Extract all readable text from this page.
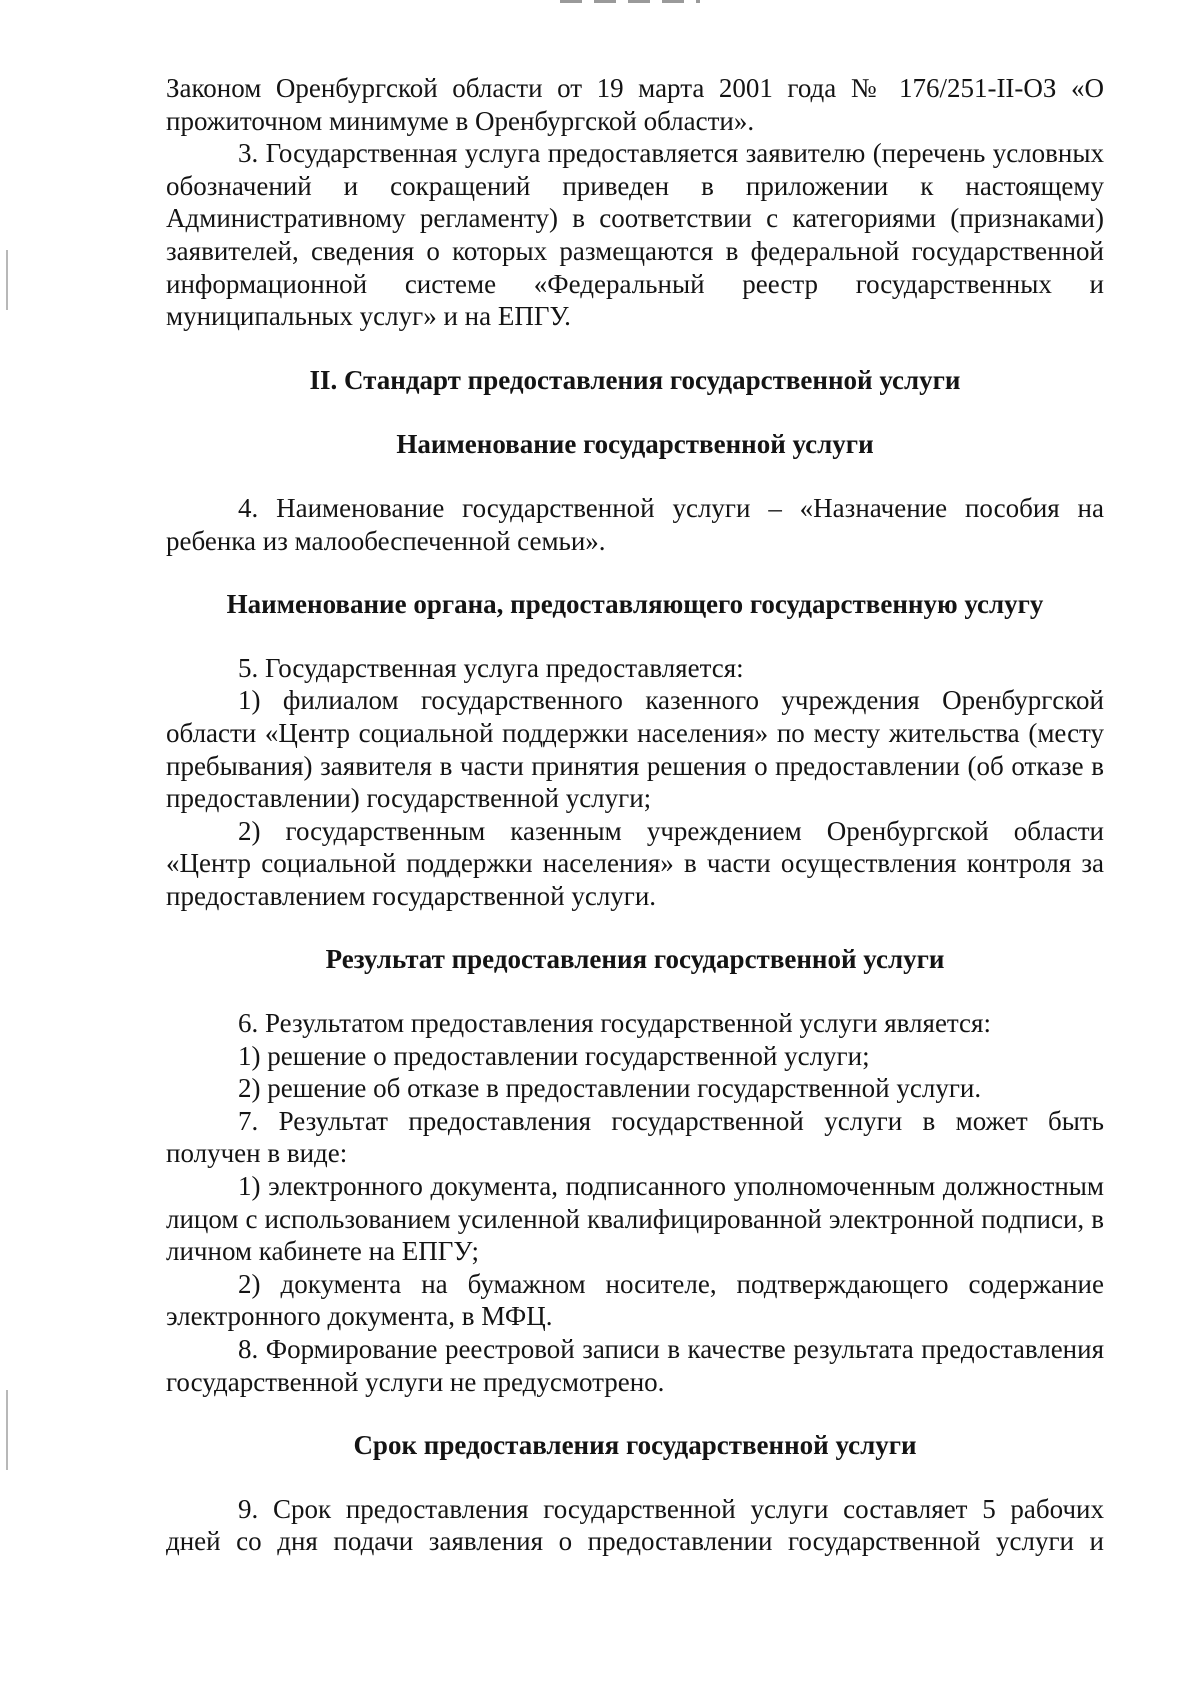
Законом Оренбургской области от 19 марта 2001 года № 176/251-II-ОЗ «О прожиточном минимуме в Оренбургской области».

3. Государственная услуга предоставляется заявителю (перечень условных обозначений и сокращений приведен в приложении к настоящему Административному регламенту) в соответствии с категориями (признаками) заявителей, сведения о которых размещаются в федеральной государственной информационной системе «Федеральный реестр государственных и муниципальных услуг» и на ЕПГУ.

II. Стандарт предоставления государственной услуги
Наименование государственной услуги

4. Наименование государственной услуги – «Назначение пособия на ребенка из малообеспеченной семьи».

Наименование органа, предоставляющего государственную услугу

5. Государственная услуга предоставляется:

1) филиалом государственного казенного учреждения Оренбургской области «Центр социальной поддержки населения» по месту жительства (месту пребывания) заявителя в части принятия решения о предоставлении (об отказе в предоставлении) государственной услуги;

2) государственным казенным учреждением Оренбургской области «Центр социальной поддержки населения» в части осуществления контроля за предоставлением государственной услуги.

Результат предоставления государственной услуги

6. Результатом предоставления государственной услуги является:

1) решение о предоставлении государственной услуги;

2) решение об отказе в предоставлении государственной услуги.

7. Результат предоставления государственной услуги в может быть получен в виде:

1) электронного документа, подписанного уполномоченным должностным лицом с использованием усиленной квалифицированной электронной подписи, в личном кабинете на ЕПГУ;

2) документа на бумажном носителе, подтверждающего содержание электронного документа, в МФЦ.

8. Формирование реестровой записи в качестве результата предоставления государственной услуги не предусмотрено.

Срок предоставления государственной услуги

9. Срок предоставления государственной услуги составляет 5 рабочих дней со дня подачи заявления о предоставлении государственной услуги и
